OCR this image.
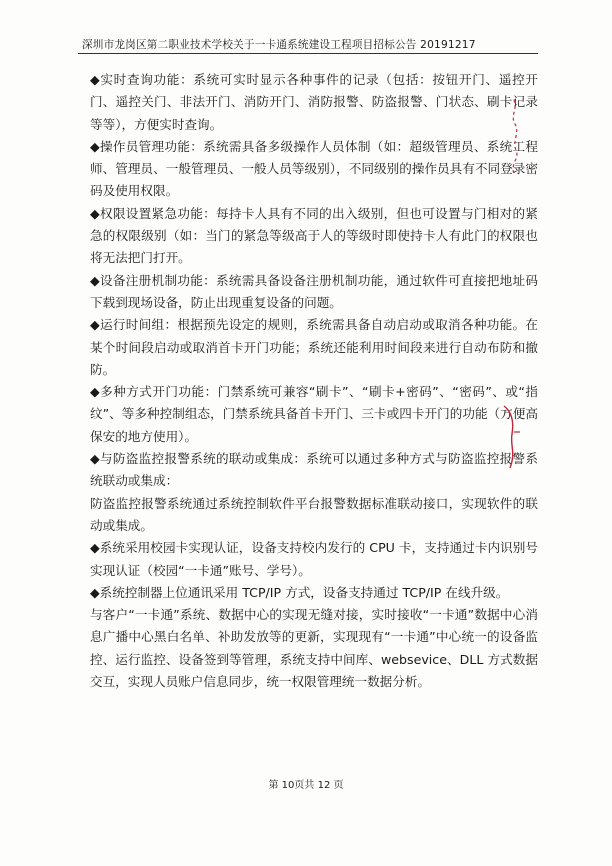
深圳市龙岗区第二职业技术学校关于一卡通系统建设工程项目招标公告 20191217

◆实时查询功能：系统可实时显示各种事件的记录（包括：按钮开门、遥控开门、遥控关门、非法开门、消防开门、消防报警、防盗报警、门状态、刷卡记录等等），方便实时查询。

◆操作员管理功能：系统需具备多级操作人员体制（如：超级管理员、系统工程师、管理员、一般管理员、一般人员等级别），不同级别的操作员具有不同登录密码及使用权限。

◆权限设置紧急功能：每持卡人具有不同的出入级别，但也可设置与门相对的紧急的权限级别（如：当门的紧急等级高于人的等级时即使持卡人有此门的权限也将无法把门打开。

◆设备注册机制功能：系统需具备设备注册机制功能，通过软件可直接把地址码下载到现场设备，防止出现重复设备的问题。

◆运行时间组：根据预先设定的规则，系统需具备自动启动或取消各种功能。在某个时间段启动或取消首卡开门功能；系统还能利用时间段来进行自动布防和撤防。

◆多种方式开门功能：门禁系统可兼容“刷卡”、“刷卡+密码”、“密码”、或“指纹”、等多种控制组态，门禁系统具备首卡开门、三卡或四卡开门的功能（方便高保安的地方使用）。

◆与防盗监控报警系统的联动或集成：系统可以通过多种方式与防盗监控报警系统联动或集成：

防盗监控报警系统通过系统控制软件平台报警数据标准联动接口，实现软件的联动或集成。

◆系统采用校园卡实现认证，设备支持校内发行的 CPU 卡，支持通过卡内识别号实现认证（校园“一卡通”账号、学号）。

◆系统控制器上位通讯采用 TCP/IP 方式，设备支持通过 TCP/IP 在线升级。

与客户“一卡通”系统、数据中心的实现无缝对接，实时接收“一卡通”数据中心消息广播中心黑白名单、补助发放等的更新，实现现有“一卡通”中心统一的设备监控、运行监控、设备签到等管理，系统支持中间库、websevice、DLL 方式数据交互，实现人员账户信息同步，统一权限管理统一数据分析。

第 10页共 12 页
